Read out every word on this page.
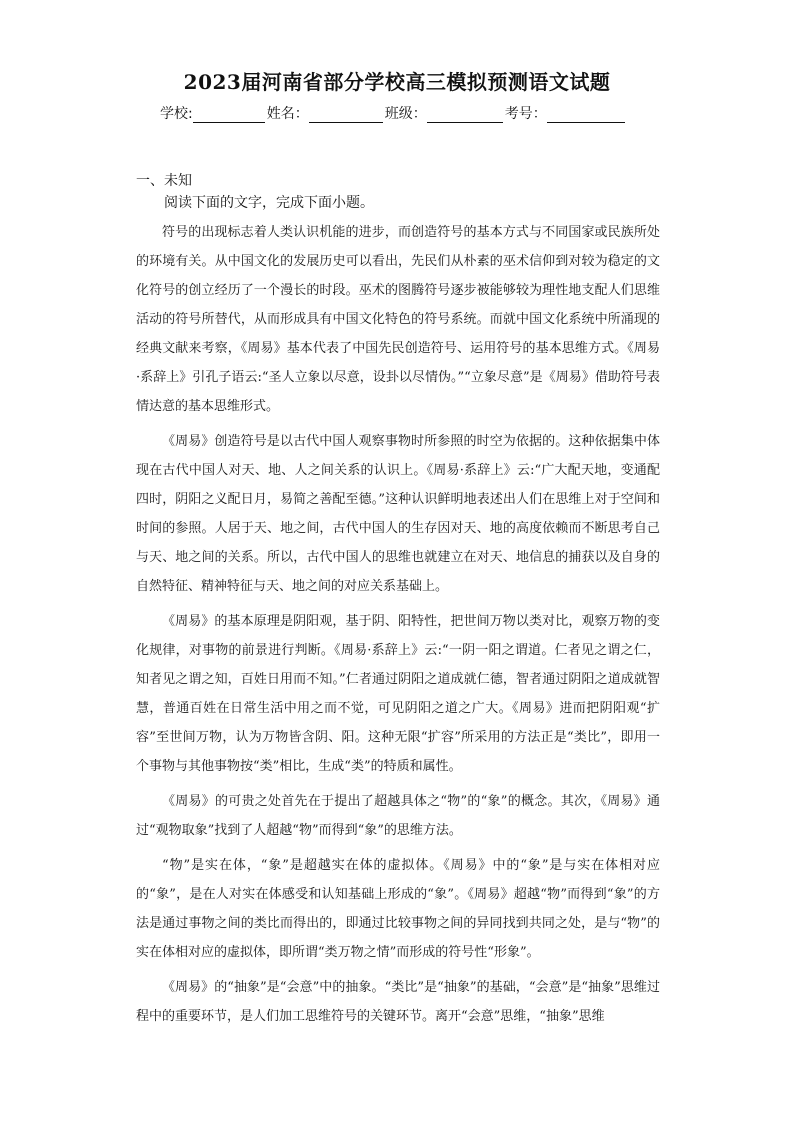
2023届河南省部分学校高三模拟预测语文试题
学校:	姓名：	班级：	考号：
一、未知
阅读下面的文字，完成下面小题。

符号的出现标志着人类认识机能的进步，而创造符号的基本方式与不同国家或民族所处的环境有关。从中国文化的发展历史可以看出，先民们从朴素的巫术信仰到对较为稳定的文化符号的创立经历了一个漫长的时段。巫术的图腾符号逐步被能够较为理性地支配人们思维活动的符号所替代，从而形成具有中国文化特色的符号系统。而就中国文化系统中所涌现的经典文献来考察，《周易》基本代表了中国先民创造符号、运用符号的基本思维方式。《周易·系辞上》引孔子语云:“圣人立象以尽意，设卦以尽情伪。”“立象尽意”是《周易》借助符号表情达意的基本思维形式。

《周易》创造符号是以古代中国人观察事物时所参照的时空为依据的。这种依据集中体现在古代中国人对天、地、人之间关系的认识上。《周易·系辞上》云:“广大配天地，变通配四时，阴阳之义配日月，易简之善配至德。”这种认识鲜明地表述出人们在思维上对于空间和时间的参照。人居于天、地之间，古代中国人的生存因对天、地的高度依赖而不断思考自己与天、地之间的关系。所以，古代中国人的思维也就建立在对天、地信息的捕获以及自身的自然特征、精神特征与天、地之间的对应关系基础上。

《周易》的基本原理是阴阳观，基于阴、阳特性，把世间万物以类对比，观察万物的变化规律，对事物的前景进行判断。《周易·系辞上》云:“一阴一阳之谓道。仁者见之谓之仁，知者见之谓之知，百姓日用而不知。”仁者通过阴阳之道成就仁德，智者通过阴阳之道成就智慧，普通百姓在日常生活中用之而不觉，可见阴阳之道之广大。《周易》进而把阴阳观“扩容”至世间万物，认为万物皆含阴、阳。这种无限“扩容”所采用的方法正是“类比”，即用一个事物与其他事物按“类”相比，生成“类”的特质和属性。

《周易》的可贵之处首先在于提出了超越具体之“物”的“象”的概念。其次，《周易》通过“观物取象”找到了人超越“物”而得到“象”的思维方法。

“物”是实在体，“象”是超越实在体的虚拟体。《周易》中的“象”是与实在体相对应的“象”，是在人对实在体感受和认知基础上形成的“象”。《周易》超越“物”而得到“象”的方法是通过事物之间的类比而得出的，即通过比较事物之间的异同找到共同之处，是与“物”的实在体相对应的虚拟体，即所谓“类万物之情”而形成的符号性“形象”。

《周易》的“抽象”是“会意”中的抽象。“类比”是“抽象”的基础，“会意”是“抽象”思维过程中的重要环节，是人们加工思维符号的关键环节。离开“会意”思维，“抽象”思维
